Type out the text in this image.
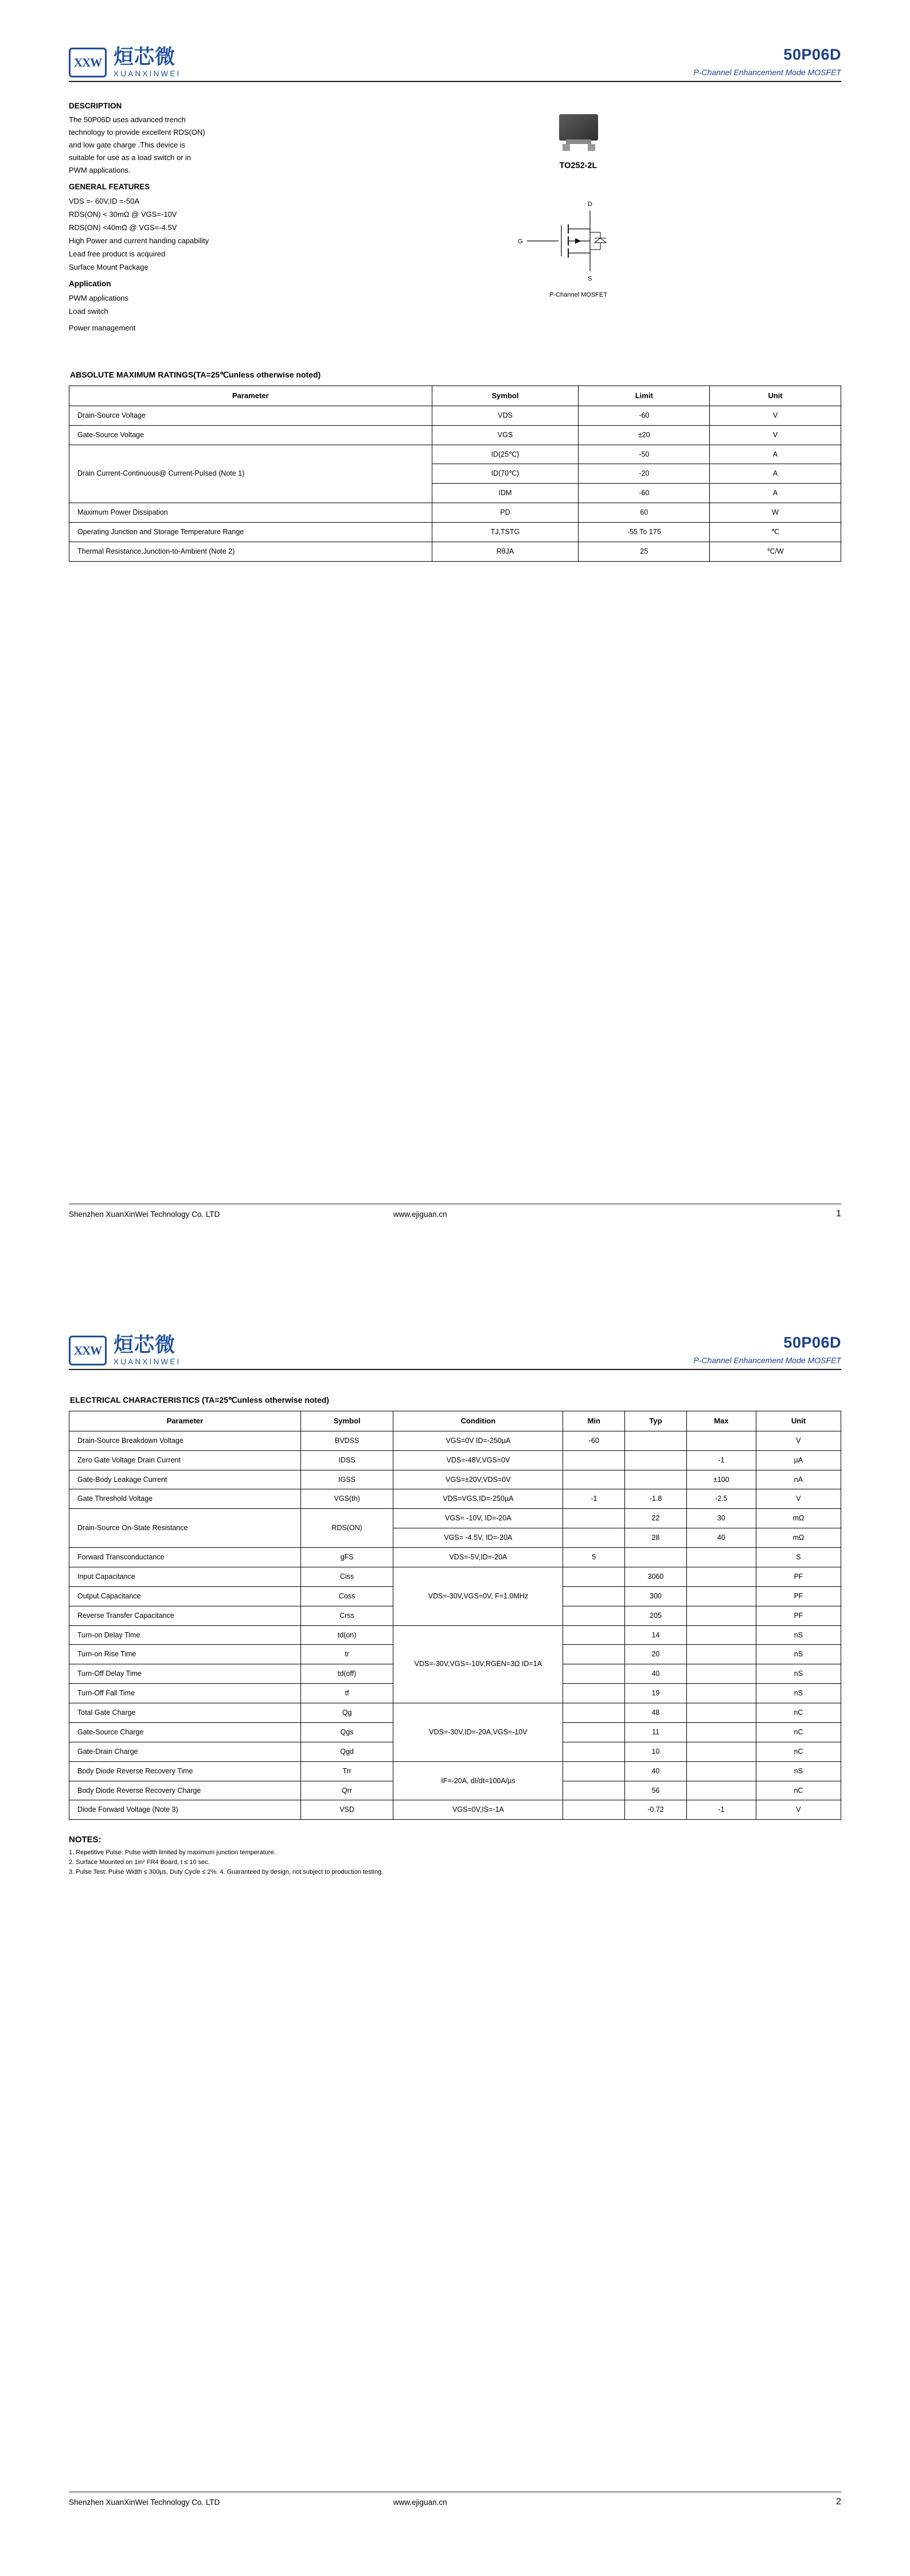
XXW 烜芯微
XUANXINWEI
50P06D
P-Channel Enhancement Mode MOSFET
DESCRIPTION

The 50P06D uses advanced trench

technology to provide excellent RDS(ON)

and low gate charge .This device is

suitable for use as a load switch or in

PWM applications.

GENERAL FEATURES

VDS =- 60V,ID =-50A

RDS(ON) < 30mΩ @ VGS=-10V

RDS(ON) <40mΩ @ VGS=-4.5V

High Power and current handing capability

Lead free product is acquired

Surface Mount Package

Application

PWM applications

Load switch

Power management

TO252-2L
D
G
S
P-Channel MOSFET
ABSOLUTE MAXIMUM RATINGS(TA=25℃unless otherwise noted)
Parameter	Symbol	Limit	Unit
Drain-Source Voltage	VDS	-60	V
Gate-Source Voltage	VGS	±20	V
Drain Current-Continuous@ Current-Pulsed (Note 1)	ID(25℃)	-50	A
	ID(70℃)	-20	A
	IDM	-60	A
Maximum Power Dissipation	PD	60	W
Operating Junction and Storage Temperature Range	TJ,TSTG	-55 To 175	℃
Thermal Resistance,Junction-to-Ambient (Note 2)	RθJA	25	℃/W
Shenzhen XuanXinWei Technology Co. LTD	www.ejiguan.cn	1
XXW 烜芯微
XUANXINWEI
50P06D
P-Channel Enhancement Mode MOSFET
ELECTRICAL CHARACTERISTICS (TA=25℃unless otherwise noted)
Parameter	Symbol	Condition	Min	Typ	Max	Unit
Drain-Source Breakdown Voltage	BVDSS	VGS=0V ID=-250µA	-60			V
Zero Gate Voltage Drain Current	IDSS	VDS=-48V,VGS=0V			-1	µA
Gate-Body Leakage Current	IGSS	VGS=±20V,VDS=0V			±100	nA
Gate Threshold Voltage	VGS(th)	VDS=VGS,ID=-250µA	-1	-1.8	-2.5	V
Drain-Source On-State Resistance	RDS(ON)	VGS= -10V, ID=-20A		22	30	mΩ
		VGS= -4.5V, ID=-20A		28	40	mΩ
Forward Transconductance	gFS	VDS=-5V,ID=-20A	5			S
Input Capacitance	Ciss	VDS=-30V,VGS=0V, F=1.0MHz		3060		PF
Output Capacitance	Coss			300		PF
Reverse Transfer Capacitance	Crss			205		PF
Turn-on Delay Time	td(on)	VDS=-30V,VGS=-10V,RGEN=3Ω ID=1A		14		nS
Turn-on Rise Time	tr			20		nS
Turn-Off Delay Time	td(off)			40		nS
Turn-Off Fall Time	tf			19		nS
Total Gate Charge	Qg	VDS=-30V,ID=-20A,VGS=-10V		48		nC
Gate-Source Charge	Qgs			11		nC
Gate-Drain Charge	Qgd			10		nC
Body Diode Reverse Recovery Time	Trr	IF=-20A, dI/dt=100A/µs		40		nS
Body Diode Reverse Recovery Charge	Qrr			56		nC
Diode Forward Voltage (Note 3)	VSD	VGS=0V,IS=-1A		-0.72	-1	V
NOTES:

1. Repetitive Pulse: Pulse width limited by maximum junction temperature.

2. Surface Mounted on 1in² FR4 Board, t ≤ 10 sec.

3. Pulse Test: Pulse Width ≤ 300µs, Duty Cycle ≤ 2%. 4. Guaranteed by design, not subject to production testing.

Shenzhen XuanXinWei Technology Co. LTD	www.ejiguan.cn	2
